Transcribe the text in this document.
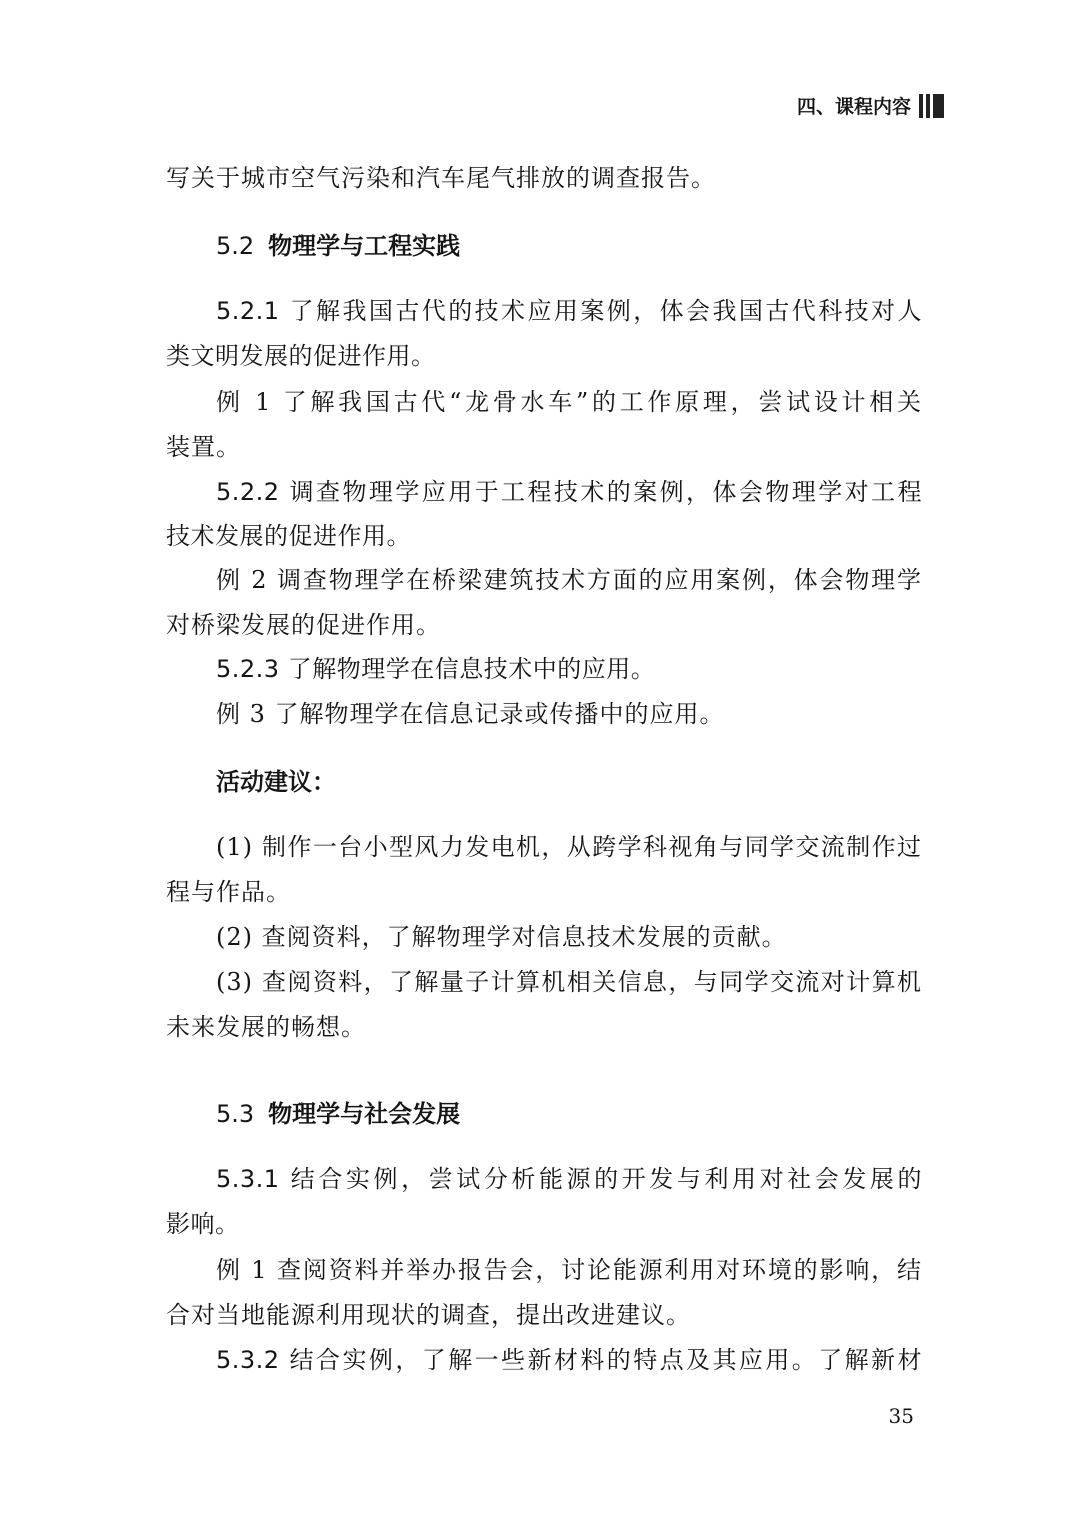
四、课程内容
写关于城市空气污染和汽车尾气排放的调查报告。
5.2 物理学与工程实践
5.2.1 了解我国古代的技术应用案例，体会我国古代科技对人
类文明发展的促进作用。
例 1 了解我国古代“龙骨水车”的工作原理，尝试设计相关
装置。
5.2.2 调查物理学应用于工程技术的案例，体会物理学对工程
技术发展的促进作用。
例 2 调查物理学在桥梁建筑技术方面的应用案例，体会物理学
对桥梁发展的促进作用。
5.2.3 了解物理学在信息技术中的应用。
例 3 了解物理学在信息记录或传播中的应用。
活动建议：
(1) 制作一台小型风力发电机，从跨学科视角与同学交流制作过
程与作品。
(2) 查阅资料，了解物理学对信息技术发展的贡献。
(3) 查阅资料，了解量子计算机相关信息，与同学交流对计算机
未来发展的畅想。
5.3 物理学与社会发展
5.3.1 结合实例，尝试分析能源的开发与利用对社会发展的
影响。
例 1 查阅资料并举办报告会，讨论能源利用对环境的影响，结
合对当地能源利用现状的调查，提出改进建议。
5.3.2 结合实例，了解一些新材料的特点及其应用。了解新材
35
